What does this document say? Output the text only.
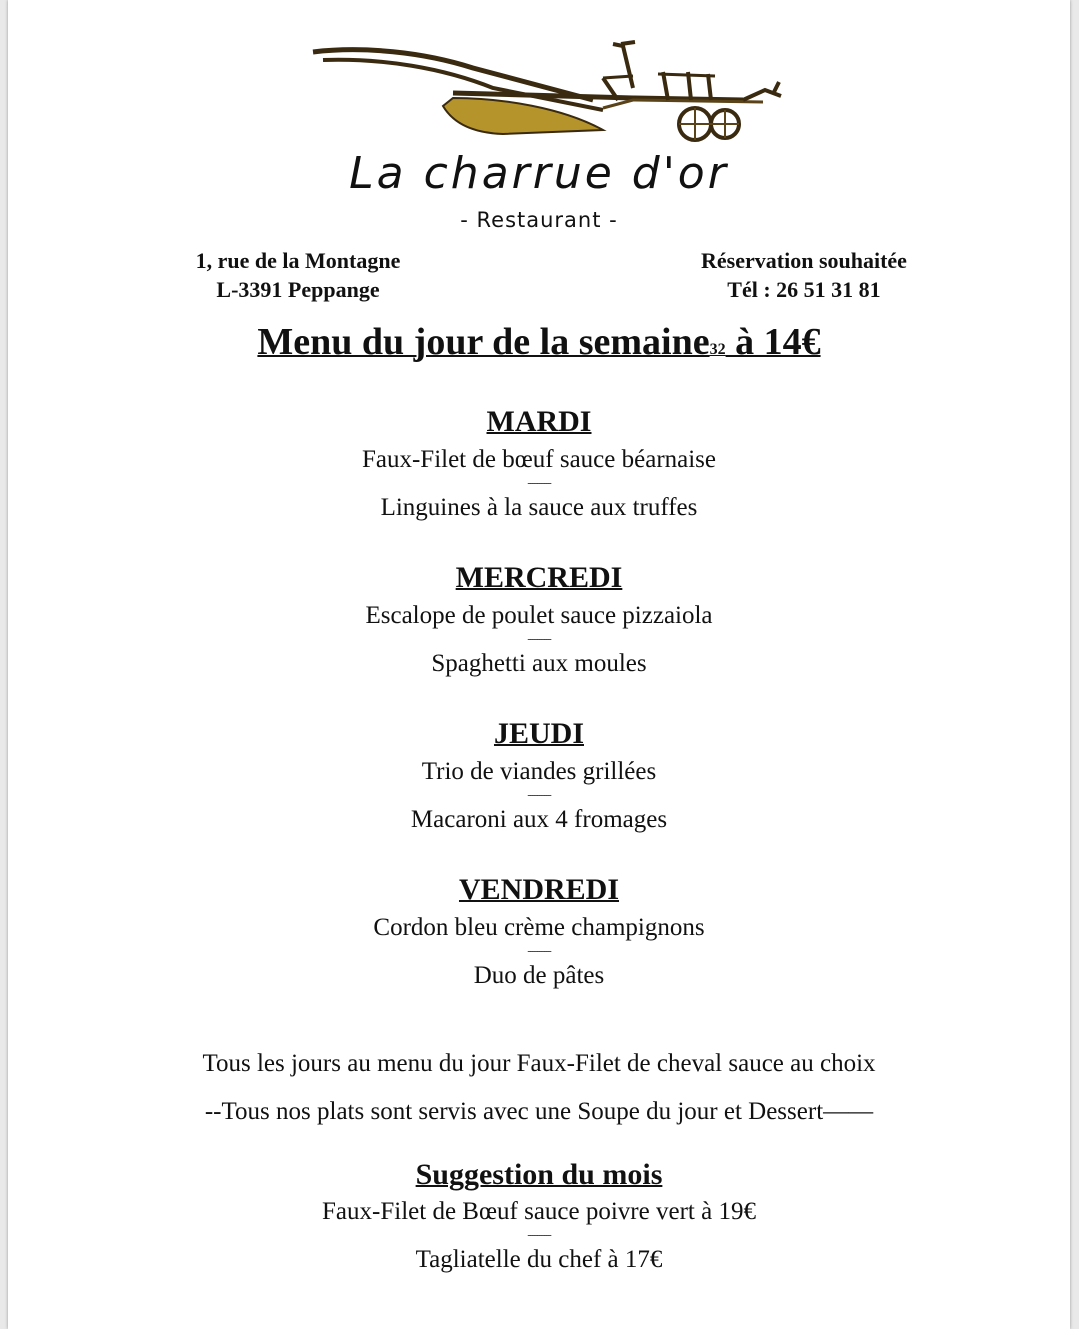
La charrue d'or
- Restaurant -
1, rue de la Montagne
L-3391 Peppange
Réservation souhaitée
Tél : 26 51 31 81
Menu du jour de la semaine32 à 14€
MARDI
Faux-Filet de bœuf sauce béarnaise
----------
Linguines à la sauce aux truffes
MERCREDI
Escalope de poulet sauce pizzaiola
----------
Spaghetti aux moules
JEUDI
Trio de viandes grillées
----------
Macaroni aux 4 fromages
VENDREDI
Cordon bleu crème champignons
----------
Duo de pâtes
Tous les jours au menu du jour Faux-Filet de cheval sauce au choix
--Tous nos plats sont servis avec une Soupe du jour et Dessert——
Suggestion du mois
Faux-Filet de Bœuf sauce poivre vert à 19€
----------
Tagliatelle du chef à 17€
